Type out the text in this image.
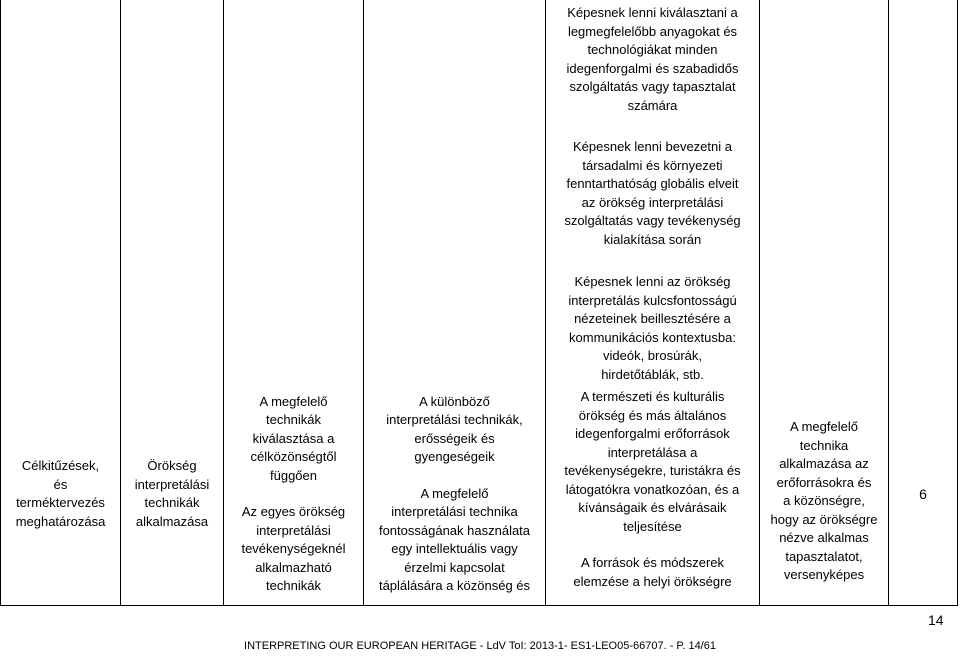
Célkitűzések,

és

terméktervezés

meghatározása

Örökség

interpretálási

technikák

alkalmazása

A megfelelő

technikák

kiválasztása a

célközönségtől

függően

Az egyes örökség

interpretálási

tevékenységeknél

alkalmazható

technikák

A különböző

interpretálási technikák,

erősségeik és

gyengeségeik

A megfelelő

interpretálási technika

fontosságának használata

egy intellektuális vagy

érzelmi kapcsolat

táplálására a közönség és

Képesnek lenni kiválasztani a

legmegfelelőbb anyagokat és

technológiákat minden

idegenforgalmi és szabadidős

szolgáltatás vagy tapasztalat

számára

Képesnek lenni bevezetni a

társadalmi és környezeti

fenntarthatóság globális elveit

az örökség interpretálási

szolgáltatás vagy tevékenység

kialakítása során

Képesnek lenni az örökség

interpretálás kulcsfontosságú

nézeteinek beillesztésére a

kommunikációs kontextusba:

videók, brosúrák,

hirdetőtáblák, stb.

A természeti és kulturális

örökség és más általános

idegenforgalmi erőforrások

interpretálása a

tevékenységekre, turistákra és

látogatókra vonatkozóan, és a

kívánságaik és elvárásaik

teljesítése

A források és módszerek

elemzése a helyi örökségre

A megfelelő

technika

alkalmazása az

erőforrásokra és

a közönségre,

hogy az örökségre

nézve alkalmas

tapasztalatot,

versenyképes

6

14
INTERPRETING OUR EUROPEAN HERITAGE - LdV ToI: 2013-1- ES1-LEO05-66707. - P. 14/61
